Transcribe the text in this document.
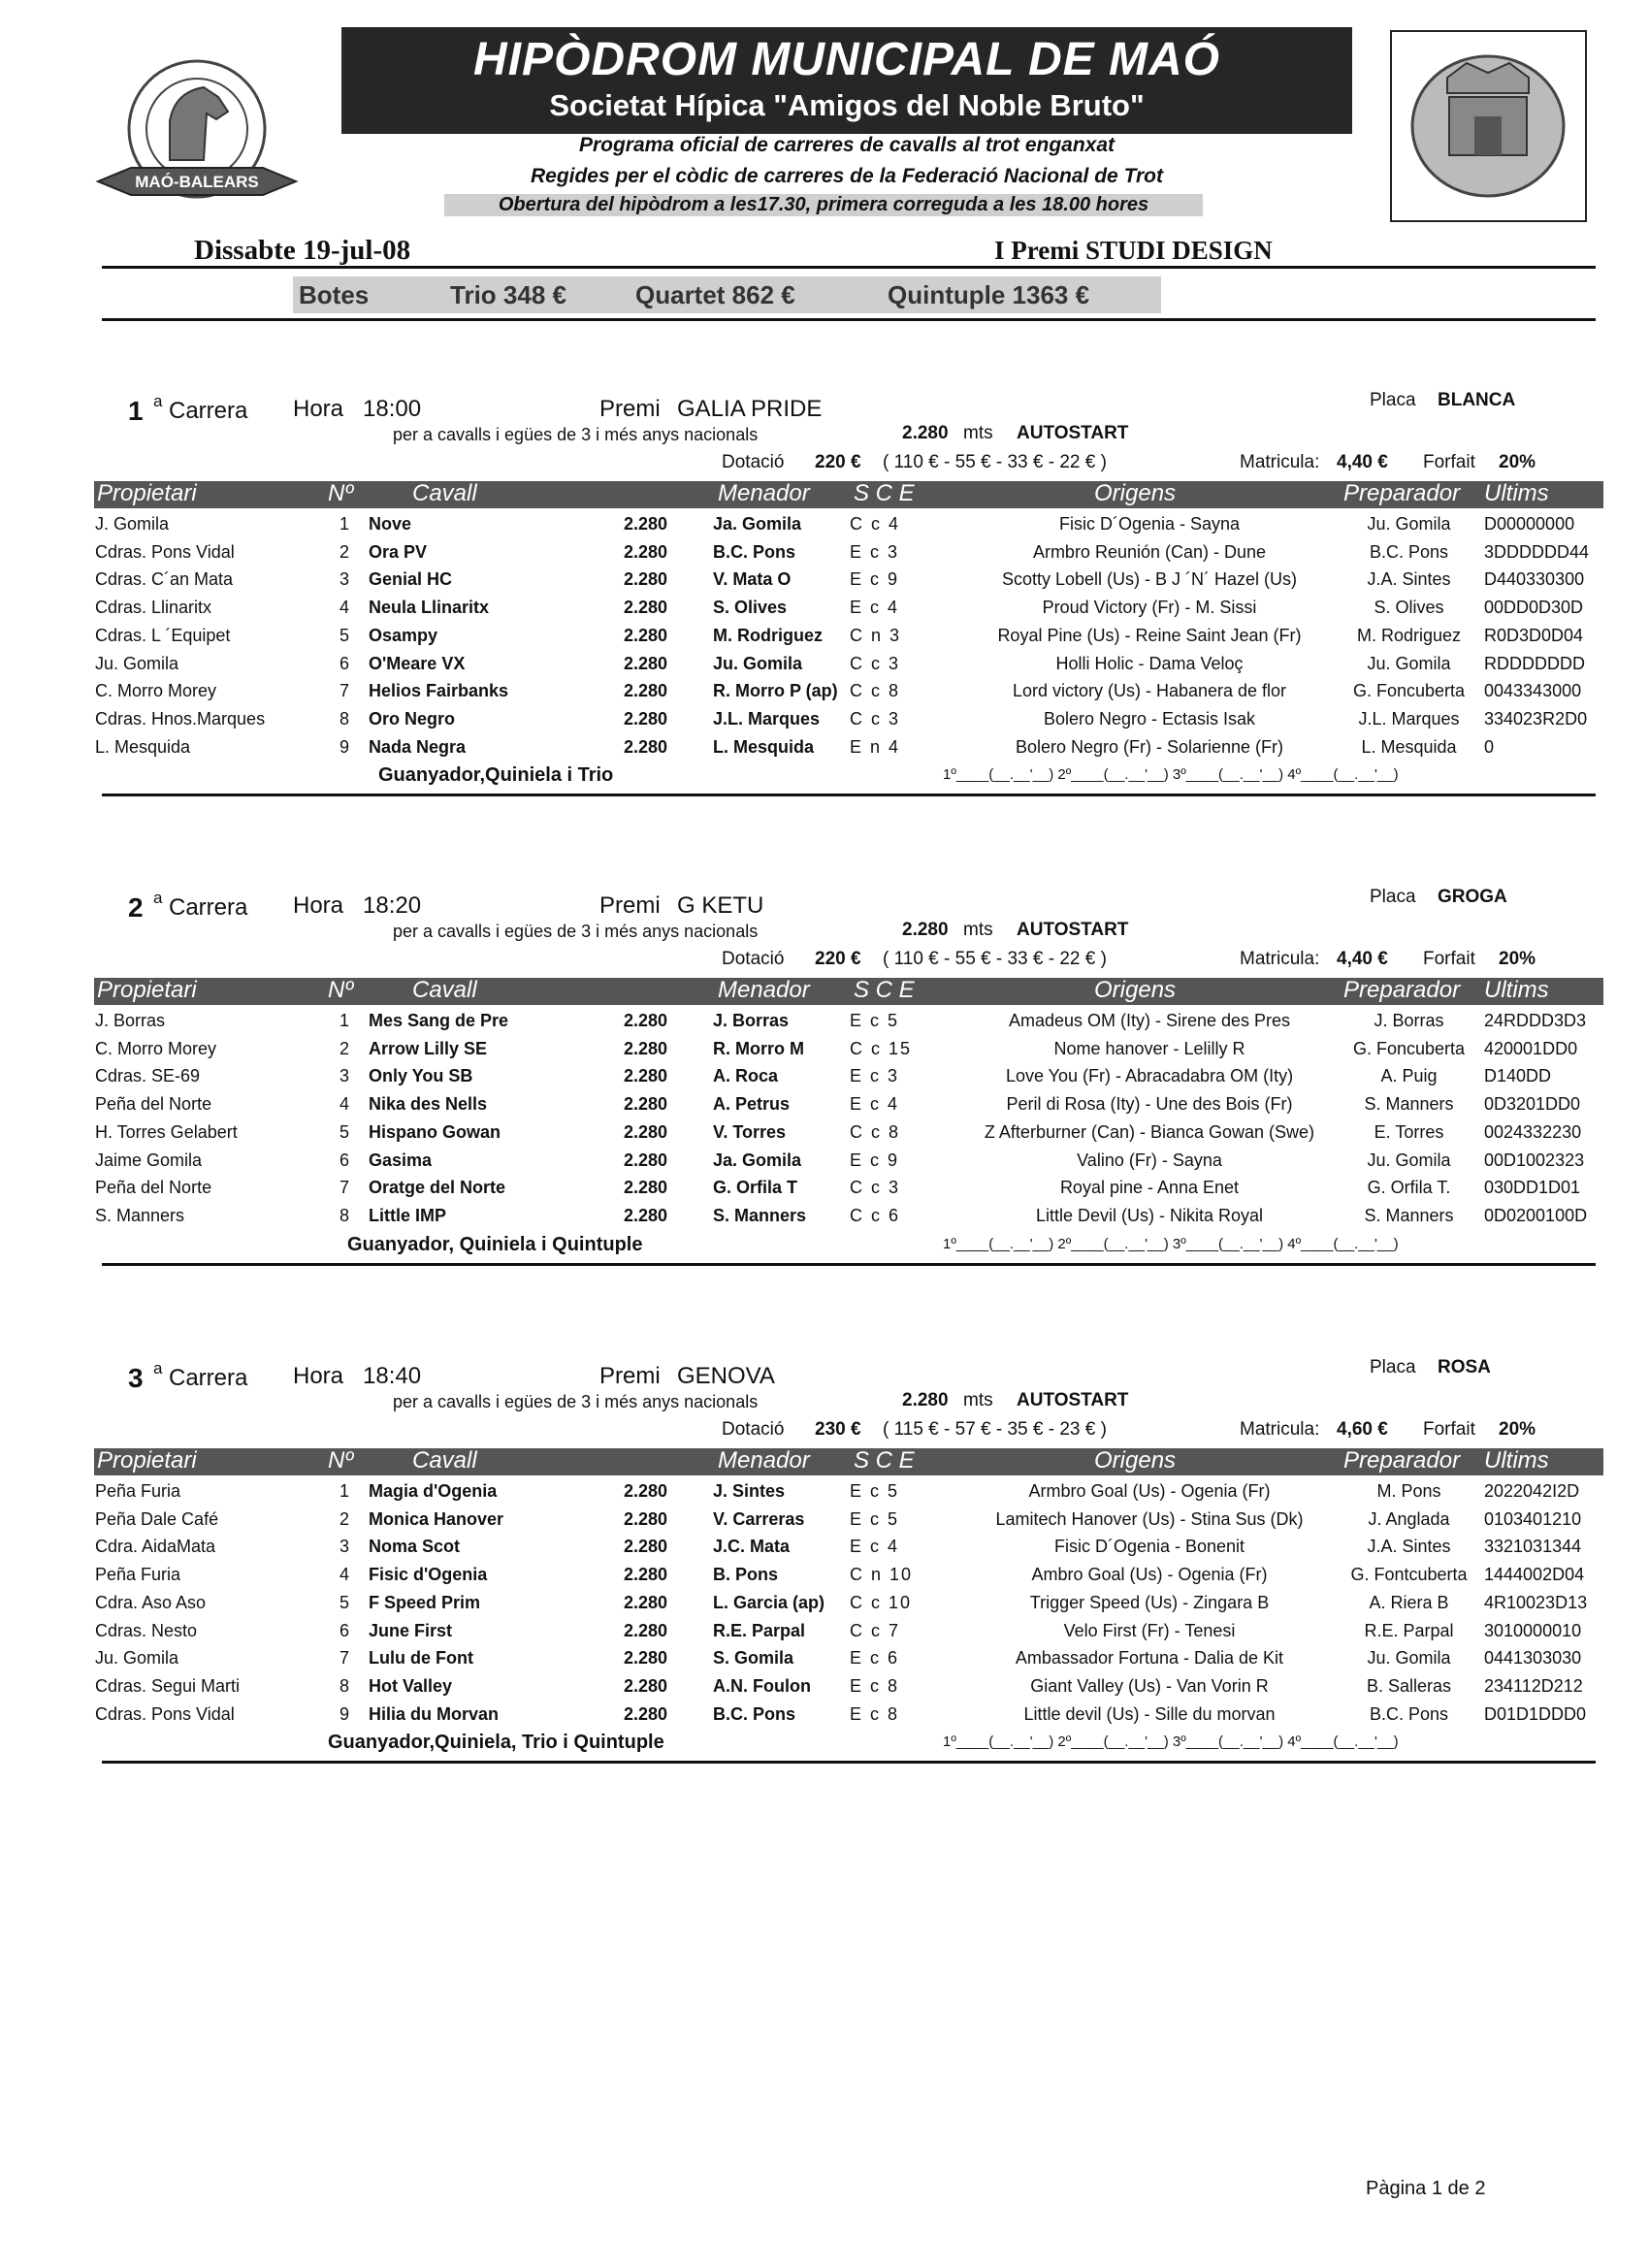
MAÓ-BALEARS
HIPÒDROM MUNICIPAL DE MAÓ
Societat Hípica "Amigos del Noble Bruto"
Programa oficial de carreres de cavalls al trot enganxat
Regides per el còdic de carreres de la Federació Nacional de Trot
Obertura del hipòdrom a les17.30, primera correguda a les 18.00 hores
Dissabte 19-jul-08	I Premi STUDI DESIGN
Botes	Trio 348 €	Quartet 862 €	Quintuple 1363 €
1 a Carrera Hora 18:00	Premi GALIA PRIDE	Placa BLANCA
per a cavalls i egües de 3 i més anys nacionals	2.280 mts AUTOSTART
Dotació 220 € ( 110 € - 55 € - 33 € - 22 € )	Matricula: 4,40 € Forfait 20%
Propietari	Nº	Cavall	Menador S C E	Origens	Preparador Ultims
J. Gomila	1 Nove	2.280	Ja. Gomila	C c 4	Fisic D´Ogenia - Sayna	Ju. Gomila	D00000000
Cdras. Pons Vidal	2 Ora PV	2.280	B.C. Pons	E c 3	Armbro Reunión (Can) - Dune	B.C. Pons	3DDDDDD44
Cdras. C´an Mata	3 Genial HC	2.280	V. Mata O	E c 9	Scotty Lobell (Us) - B J ´N´ Hazel (Us)	J.A. Sintes	D440330300
Cdras. Llinaritx	4 Neula Llinaritx	2.280	S. Olives	E c 4	Proud Victory (Fr) - M. Sissi	S. Olives	00DD0D30D
Cdras. L ´Equipet	5 Osampy	2.280	M. Rodriguez C n 3	Royal Pine (Us) - Reine Saint Jean (Fr)	M. Rodriguez	R0D3D0D04
Ju. Gomila	6 O'Meare VX	2.280	Ju. Gomila	C c 3	Holli Holic - Dama Veloç	Ju. Gomila	RDDDDDDD
C. Morro Morey	7 Helios Fairbanks	2.280	R. Morro P (ap) C c 8	Lord victory (Us) - Habanera de flor	G. Foncuberta 0043343000
Cdras. Hnos.Marques	8 Oro Negro	2.280	J.L. Marques C c 3	Bolero Negro - Ectasis Isak	J.L. Marques	334023R2D0
L. Mesquida	9 Nada Negra	2.280	L. Mesquida E n 4	Bolero Negro (Fr) - Solarienne (Fr)	L. Mesquida	0
Guanyador,Quiniela i Trio	1º____(__.__'__) 2º____(__.__'__) 3º____(__.__'__) 4º____(__.__'__)
2 a Carrera Hora 18:20	Premi G KETU	Placa GROGA
per a cavalls i egües de 3 i més anys nacionals	2.280 mts AUTOSTART
Dotació 220 € ( 110 € - 55 € - 33 € - 22 € )	Matricula: 4,40 € Forfait 20%
Propietari	Nº	Cavall	Menador S C E	Origens	Preparador Ultims
J. Borras	1 Mes Sang de Pre	2.280	J. Borras	E c 5	Amadeus OM (Ity) - Sirene des Pres	J. Borras	24RDDD3D3
C. Morro Morey	2 Arrow Lilly SE	2.280	R. Morro M	C c 15	Nome hanover - Lelilly R	G. Foncuberta 420001DD0
Cdras. SE-69	3 Only You SB	2.280	A. Roca	E c 3	Love You (Fr) - Abracadabra OM (Ity)	A. Puig	D140DD
Peña del Norte	4 Nika des Nells	2.280	A. Petrus	E c 4	Peril di Rosa (Ity) - Une des Bois (Fr)	S. Manners	0D3201DD0
H. Torres Gelabert	5 Hispano Gowan	2.280	V. Torres	C c 8	Z Afterburner (Can) - Bianca Gowan (Swe)	E. Torres	0024332230
Jaime Gomila	6 Gasima	2.280	Ja. Gomila	E c 9	Valino (Fr) - Sayna	Ju. Gomila	00D1002323
Peña del Norte	7 Oratge del Norte	2.280	G. Orfila T	C c 3	Royal pine - Anna Enet	G. Orfila T.	030DD1D01
S. Manners	8 Little IMP	2.280	S. Manners C c 6	Little Devil (Us) - Nikita Royal	S. Manners	0D0200100D
Guanyador, Quiniela i Quintuple	1º____(__.__'__) 2º____(__.__'__) 3º____(__.__'__) 4º____(__.__'__)
3 a Carrera Hora 18:40	Premi GENOVA	Placa ROSA
per a cavalls i egües de 3 i més anys nacionals	2.280 mts AUTOSTART
Dotació 230 € ( 115 € - 57 € - 35 € - 23 € )	Matricula: 4,60 € Forfait 20%
Propietari	Nº	Cavall	Menador S C E	Origens	Preparador Ultims
Peña Furia	1 Magia d'Ogenia	2.280	J. Sintes	E c 5	Armbro Goal (Us) - Ogenia (Fr)	M. Pons	2022042I2D
Peña Dale Café	2 Monica Hanover	2.280	V. Carreras	E c 5	Lamitech Hanover (Us) - Stina Sus (Dk)	J. Anglada	0103401210
Cdra. AidaMata	3 Noma Scot	2.280	J.C. Mata	E c 4	Fisic D´Ogenia - Bonenit	J.A. Sintes	3321031344
Peña Furia	4 Fisic d'Ogenia	2.280	B. Pons	C n 10	Ambro Goal (Us) - Ogenia (Fr)	G. Fontcuberta 1444002D04
Cdra. Aso Aso	5 F Speed Prim	2.280	L. Garcia (ap) C c 10	Trigger Speed (Us) - Zingara B	A. Riera B	4R10023D13
Cdras. Nesto	6 June First	2.280	R.E. Parpal	C c 7	Velo First (Fr) - Tenesi	R.E. Parpal	3010000010
Ju. Gomila	7 Lulu de Font	2.280	S. Gomila	E c 6	Ambassador Fortuna - Dalia de Kit	Ju. Gomila	0441303030
Cdras. Segui Marti	8 Hot Valley	2.280	A.N. Foulon E c 8	Giant Valley (Us) - Van Vorin R	B. Salleras	234112D212
Cdras. Pons Vidal	9 Hilia du Morvan	2.280	B.C. Pons	E c 8	Little devil (Us) - Sille du morvan	B.C. Pons	D01D1DDD0
Guanyador,Quiniela, Trio i Quintuple	1º____(__.__'__) 2º____(__.__'__) 3º____(__.__'__) 4º____(__.__'__)
Pàgina 1 de 2
